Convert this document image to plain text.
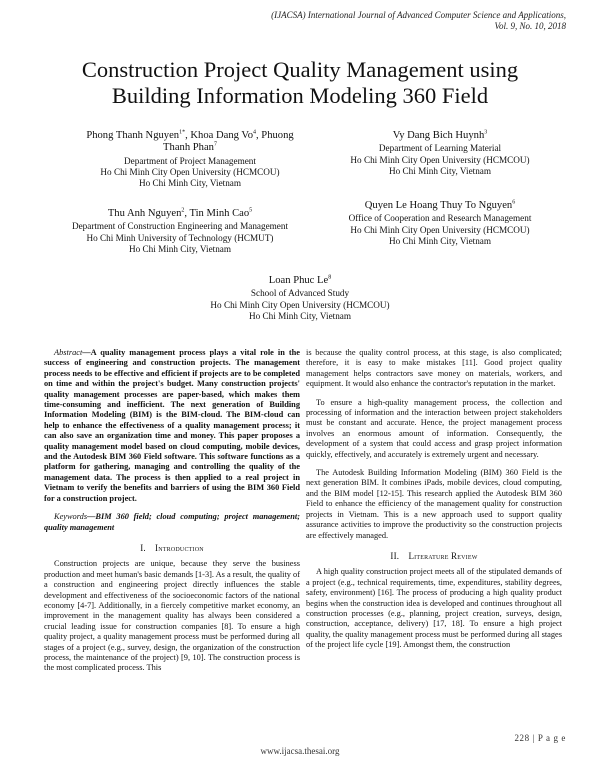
(IJACSA) International Journal of Advanced Computer Science and Applications,
Vol. 9, No. 10, 2018
Construction Project Quality Management using
Building Information Modeling 360 Field
Phong Thanh Nguyen$^{1*}$, Khoa Dang Vo$^4$, Phuong
Thanh Phan$^7$
Department of Project Management
Ho Chi Minh City Open University (HCMCOU)
Ho Chi Minh City, Vietnam
Vy Dang Bich Huynh$^3$
Department of Learning Material
Ho Chi Minh City Open University (HCMCOU)
Ho Chi Minh City, Vietnam
Thu Anh Nguyen$^2$, Tin Minh Cao$^5$
Department of Construction Engineering and Management
Ho Chi Minh University of Technology (HCMUT)
Ho Chi Minh City, Vietnam
Quyen Le Hoang Thuy To Nguyen$^6$
Office of Cooperation and Research Management
Ho Chi Minh City Open University (HCMCOU)
Ho Chi Minh City, Vietnam
Loan Phuc Le$^8$
School of Advanced Study
Ho Chi Minh City Open University (HCMCOU)
Ho Chi Minh City, Vietnam

Abstract—A quality management process plays a vital role in the success of engineering and construction projects. The management process needs to be effective and efficient if projects are to be completed on time and within the project's budget. Many construction projects' quality management processes are paper-based, which makes them time-consuming and inefficient. The next generation of Building Information Modeling (BIM) is the BIM-cloud. The BIM-cloud can help to enhance the effectiveness of a quality management process; it can also save an organization time and money. This paper proposes a quality management model based on cloud computing, mobile devices, and the Autodesk BIM 360 Field software. This software functions as a platform for gathering, managing and controlling the quality of the management data. The process is then applied to a real project in Vietnam to verify the benefits and barriers of using the BIM 360 Field for a construction project.

Keywords—BIM 360 field; cloud computing; project management; quality management

I. Introduction

Construction projects are unique, because they serve the business production and meet human's basic demands [1-3]. As a result, the quality of a construction and engineering project directly influences the stable development and effectiveness of the socioeconomic factors of the national economy [4-7]. Additionally, in a fiercely competitive market economy, an improvement in the management quality has always been considered a crucial leading issue for construction companies [8]. To ensure a high quality project, a quality management process must be performed during all stages of a project (e.g., survey, design, the organization of the construction process, the maintenance of the project) [9, 10]. The construction process is the most complicated process. This

is because the quality control process, at this stage, is also complicated; therefore, it is easy to make mistakes [11]. Good project quality management helps contractors save money on materials, workers, and equipment. It would also enhance the contractor's reputation in the market.

To ensure a high-quality management process, the collection and processing of information and the interaction between project stakeholders must be constant and accurate. Hence, the project management process involves an enormous amount of information. Consequently, the development of a system that could access and grasp project information quickly, effectively, and accurately is extremely urgent and necessary.

The Autodesk Building Information Modeling (BIM) 360 Field is the next generation BIM. It combines iPads, mobile devices, cloud computing, and the BIM model [12-15]. This research applied the Autodesk BIM 360 Field to enhance the efficiency of the management quality for construction projects in Vietnam. This is a new approach used to support quality assurance activities to improve the productivity so the construction projects are effectively managed.

II. Literature Review

A high quality construction project meets all of the stipulated demands of a project (e.g., technical requirements, time, expenditures, stability degrees, safety, environment) [16]. The process of producing a high quality product begins when the construction idea is developed and continues throughout all construction processes (e.g., planning, project creation, surveys, design, construction, acceptance, delivery) [17, 18]. To ensure a high project quality, the quality management process must be performed during all stages of the project life cycle [19]. Amongst them, the construction

228 | P a g e
www.ijacsa.thesai.org
